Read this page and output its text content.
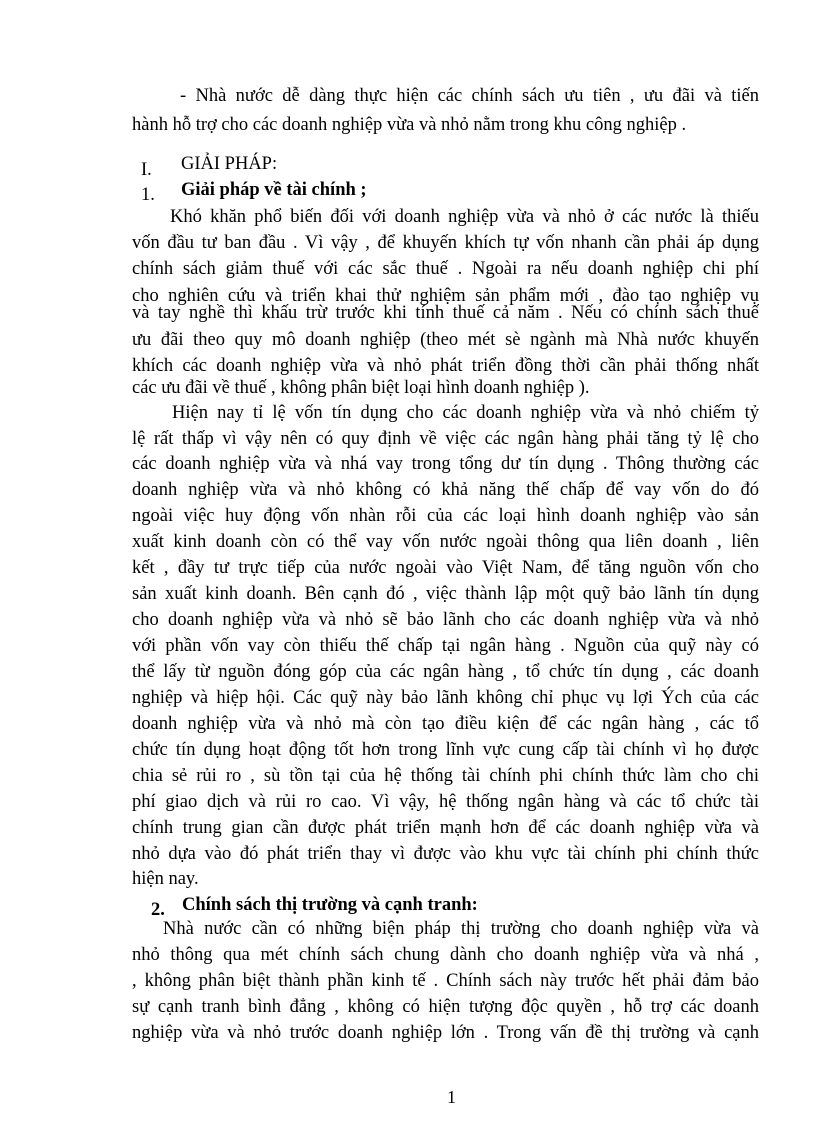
- Nhà nước dễ dàng thực hiện các chính sách ưu tiên , ưu đãi và tiến
hành hỗ trợ cho các doanh nghiệp vừa và nhỏ nằm trong khu công nghiệp .
I. GIẢI PHÁP:
1. Giải pháp về tài chính ;
Khó khăn phổ biến đối với doanh nghiệp vừa và nhỏ ở các nước là thiếu
vốn đầu tư ban đầu . Vì vậy , để khuyến khích tự vốn nhanh cần phải áp dụng
chính sách giảm thuế với các sắc thuế . Ngoài ra nếu doanh nghiệp chi phí
cho nghiên cứu và triển khai thử nghiệm sản phẩm mới , đào tạo nghiệp vụ
và tay nghề thì khấu trừ trước khi tính thuế cả năm . Nếu có chính sách thuế
ưu đãi theo quy mô doanh nghiệp (theo mét sè ngành mà Nhà nước khuyến
khích các doanh nghiệp vừa và nhỏ phát triển đồng thời cần phải thống nhất
các ưu đãi về thuế , không phân biệt loại hình doanh nghiệp ).
Hiện nay tỉ lệ vốn tín dụng cho các doanh nghiệp vừa và nhỏ chiếm tỷ
lệ rất thấp vì vậy nên có quy định về việc các ngân hàng phải tăng tỷ lệ cho
các doanh nghiệp vừa và nhá vay trong tổng dư tín dụng . Thông thường các
doanh nghiệp vừa và nhỏ không có khả năng thế chấp để vay vốn do đó
ngoài việc huy động vốn nhàn rỗi của các loại hình doanh nghiệp vào sản
xuất kinh doanh còn có thể vay vốn nước ngoài thông qua liên doanh , liên
kết , đầy tư trực tiếp của nước ngoài vào Việt Nam, để tăng nguồn vốn cho
sản xuất kinh doanh. Bên cạnh đó , việc thành lập một quỹ bảo lãnh tín dụng
cho doanh nghiệp vừa và nhỏ sẽ bảo lãnh cho các doanh nghiệp vừa và nhỏ
với phần vốn vay còn thiếu thế chấp tại ngân hàng . Nguồn của quỹ này có
thể lấy từ nguồn đóng góp của các ngân hàng , tổ chức tín dụng , các doanh
nghiệp và hiệp hội. Các quỹ này bảo lãnh không chỉ phục vụ lợi Ých của các
doanh nghiệp vừa và nhỏ mà còn tạo điều kiện để các ngân hàng , các tổ
chức tín dụng hoạt động tốt hơn trong lĩnh vực cung cấp tài chính vì họ được
chia sẻ rủi ro , sù tồn tại của hệ thống tài chính phi chính thức làm cho chi
phí giao dịch và rủi ro cao. Vì vậy, hệ thống ngân hàng và các tổ chức tài
chính trung gian cần được phát triển mạnh hơn để các doanh nghiệp vừa và
nhỏ dựa vào đó phát triển thay vì được vào khu vực tài chính phi chính thức
hiện nay.
2. Chính sách thị trường và cạnh tranh:
Nhà nước cần có những biện pháp thị trường cho doanh nghiệp vừa và
nhỏ thông qua mét chính sách chung dành cho doanh nghiệp vừa và nhá ,
, không phân biệt thành phần kinh tế . Chính sách này trước hết phải đảm bảo
sự cạnh tranh bình đẳng , không có hiện tượng độc quyền , hỗ trợ các doanh
nghiệp vừa và nhỏ trước doanh nghiệp lớn . Trong vấn đề thị trường và cạnh
1
